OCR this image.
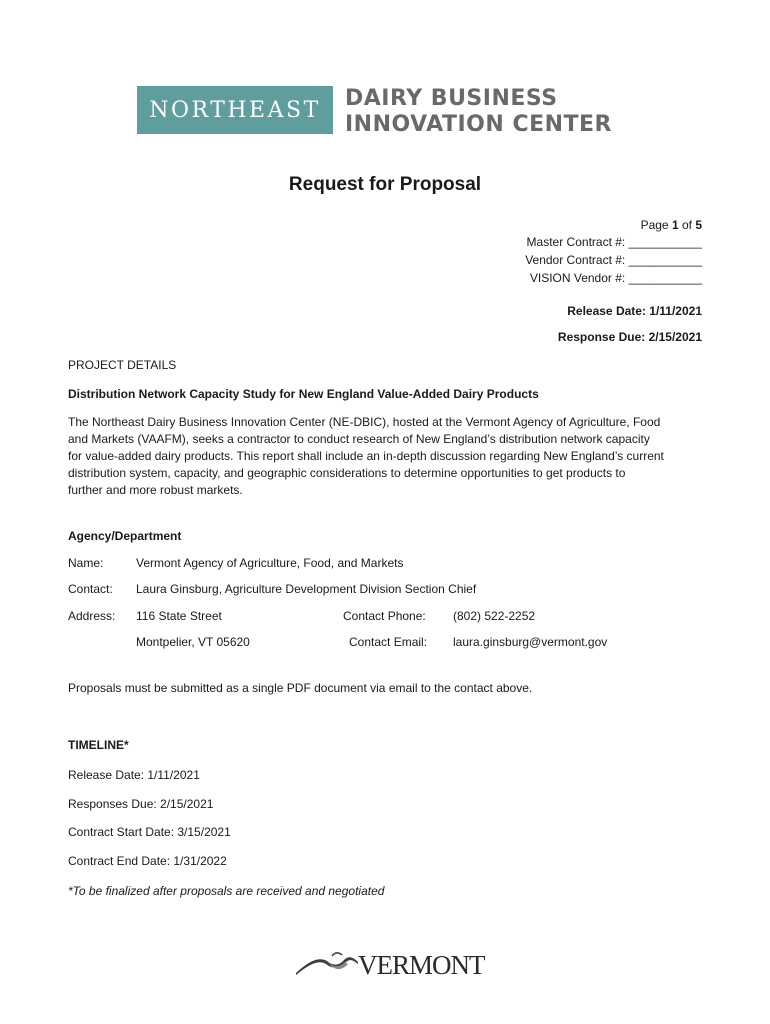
NORTHEAST DAIRY BUSINESS
INNOVATION CENTER
Request for Proposal
Page 1 of 5
Master Contract #: ___________
Vendor Contract #: ___________
VISION Vendor #: ___________
Release Date: 1/11/2021
Response Due: 2/15/2021
PROJECT DETAILS
Distribution Network Capacity Study for New England Value-Added Dairy Products
The Northeast Dairy Business Innovation Center (NE-DBIC), hosted at the Vermont Agency of Agriculture, Food
and Markets (VAAFM), seeks a contractor to conduct research of New England’s distribution network capacity
for value-added dairy products. This report shall include an in-depth discussion regarding New England’s current
distribution system, capacity, and geographic considerations to determine opportunities to get products to
further and more robust markets.
Agency/Department
Name:	Vermont Agency of Agriculture, Food, and Markets
Contact: Laura Ginsburg, Agriculture Development Division Section Chief
Address: 116 State Street
Montpelier, VT 05620
Contact Phone: (802) 522-2252
Contact Email: laura.ginsburg@vermont.gov
Proposals must be submitted as a single PDF document via email to the contact above.
TIMELINE*
Release Date: 1/11/2021
Responses Due: 2/15/2021
Contract Start Date: 3/15/2021
Contract End Date: 1/31/2022
*To be finalized after proposals are received and negotiated
VERMONT
